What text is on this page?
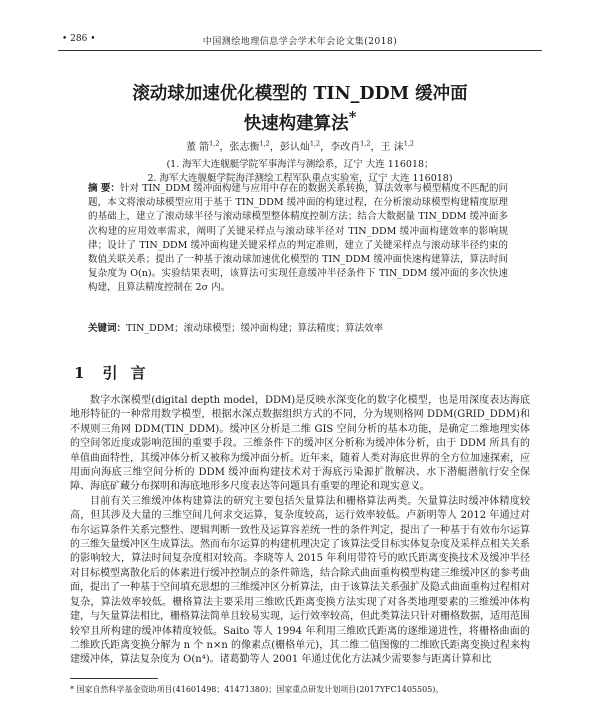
• 286 •	中国测绘地理信息学会学术年会论文集(2018)
滚动球加速优化模型的 TIN_DDM 缓冲面
快速构建算法*
董 箭$^{1,2}$，张志衡$^{1,2}$，彭认灿$^{1,2}$，李改肖$^{1,2}$，王 沫$^{1,2}$
(1. 海军大连舰艇学院军事海洋与测绘系，辽宁 大连 116018；
2. 海军大连舰艇学院海洋测绘工程军队重点实验室，辽宁 大连 116018)
摘 要：针对 TIN_DDM 缓冲面构建与应用中存在的数据关系转换，算法效率与模型精度不匹配的问题，本文将滚动球模型应用于基于 TIN_DDM 缓冲面的构建过程，在分析滚动球模型构建精度原理的基础上，建立了滚动球半径与滚动球模型整体精度控制方法；结合大数据量 TIN_DDM 缓冲面多次构建的应用效率需求，阐明了关键采样点与滚动球半径对 TIN_DDM 缓冲面构建效率的影响规律；设计了 TIN_DDM 缓冲面构建关键采样点的判定准则，建立了关键采样点与滚动球半径约束的数值关联关系；提出了一种基于滚动球加速优化模型的 TIN_DDM 缓冲面快速构建算法，算法时间复杂度为 O(n)。实验结果表明，该算法可实现任意缓冲半径条件下 TIN_DDM 缓冲面的多次快速构建，且算法精度控制在 2σ 内。
关键词：TIN_DDM；滚动球模型；缓冲面构建；算法精度；算法效率
1 引 言

数字水深模型(digital depth model，DDM)是反映水深变化的数字化模型，也是用深度表达海底地形特征的一种常用数学模型，根据水深点数据组织方式的不同，分为规则格网 DDM(GRID_DDM)和不规则三角网 DDM(TIN_DDM)。缓冲区分析是二维 GIS 空间分析的基本功能，是确定二维地理实体的空间邻近度或影响范围的重要手段。三维条件下的缓冲区分析称为缓冲体分析，由于 DDM 所具有的单值曲面特性，其缓冲体分析又被称为缓冲面分析。近年来，随着人类对海底世界的全方位加速探索，应用面向海底三维空间分析的 DDM 缓冲面构建技术对于海底污染源扩散解决、水下潜艇潜航行安全保障、海底矿藏分布探明和海底地形多尺度表达等问题具有重要的理论和现实意义。

目前有关三维缓冲体构建算法的研究主要包括矢量算法和栅格算法两类。矢量算法时缓冲体精度较高，但其涉及大量的三维空间几何求交运算，复杂度较高，运行效率较低。卢新明等人 2012 年通过对布尔运算条件关系完整性、逻辑判断一致性及运算容差统一性的条件判定，提出了一种基于有效布尔运算的三维矢量缓冲区生成算法。然而布尔运算的构建机理决定了该算法受目标实体复杂度及采样点相关关系的影响较大，算法时间复杂度相对较高。李晓等人 2015 年利用带符号的欧氏距离变换技术及缓冲半径对目标模型离散化后的体素进行缓冲控制点的条件筛选，结合除式曲面重构模型构建三维缓冲区的参考曲面，提出了一种基于空间填充思想的三维缓冲区分析算法，由于该算法关系强扩及隐式曲面重构过程相对复杂，算法效率较低。栅格算法主要采用三维欧氏距离变换方法实现了对各类地理要素的三维缓冲体构建，与矢量算法相比，栅格算法简单且较易实现，运行效率较高，但此类算法只针对栅格数据，适用范围较窄且所构建的缓冲体精度较低。Saito 等人 1994 年利用三维欧氏距离的逐维递进性，将栅格曲面的二维欧氏距离变换分解为 n 个 n×n 的像素点(栅格单元)，其二维二值图像的二维欧氏距离变换过程来构建缓冲体，算法复杂度为 O(n⁴)。诸葛勤等人 2001 年通过优化方法减少需要参与距离计算和比

* 国家自然科学基金资助项目(41601498；41471380)；国家重点研发计划项目(2017YFC1405505)。
